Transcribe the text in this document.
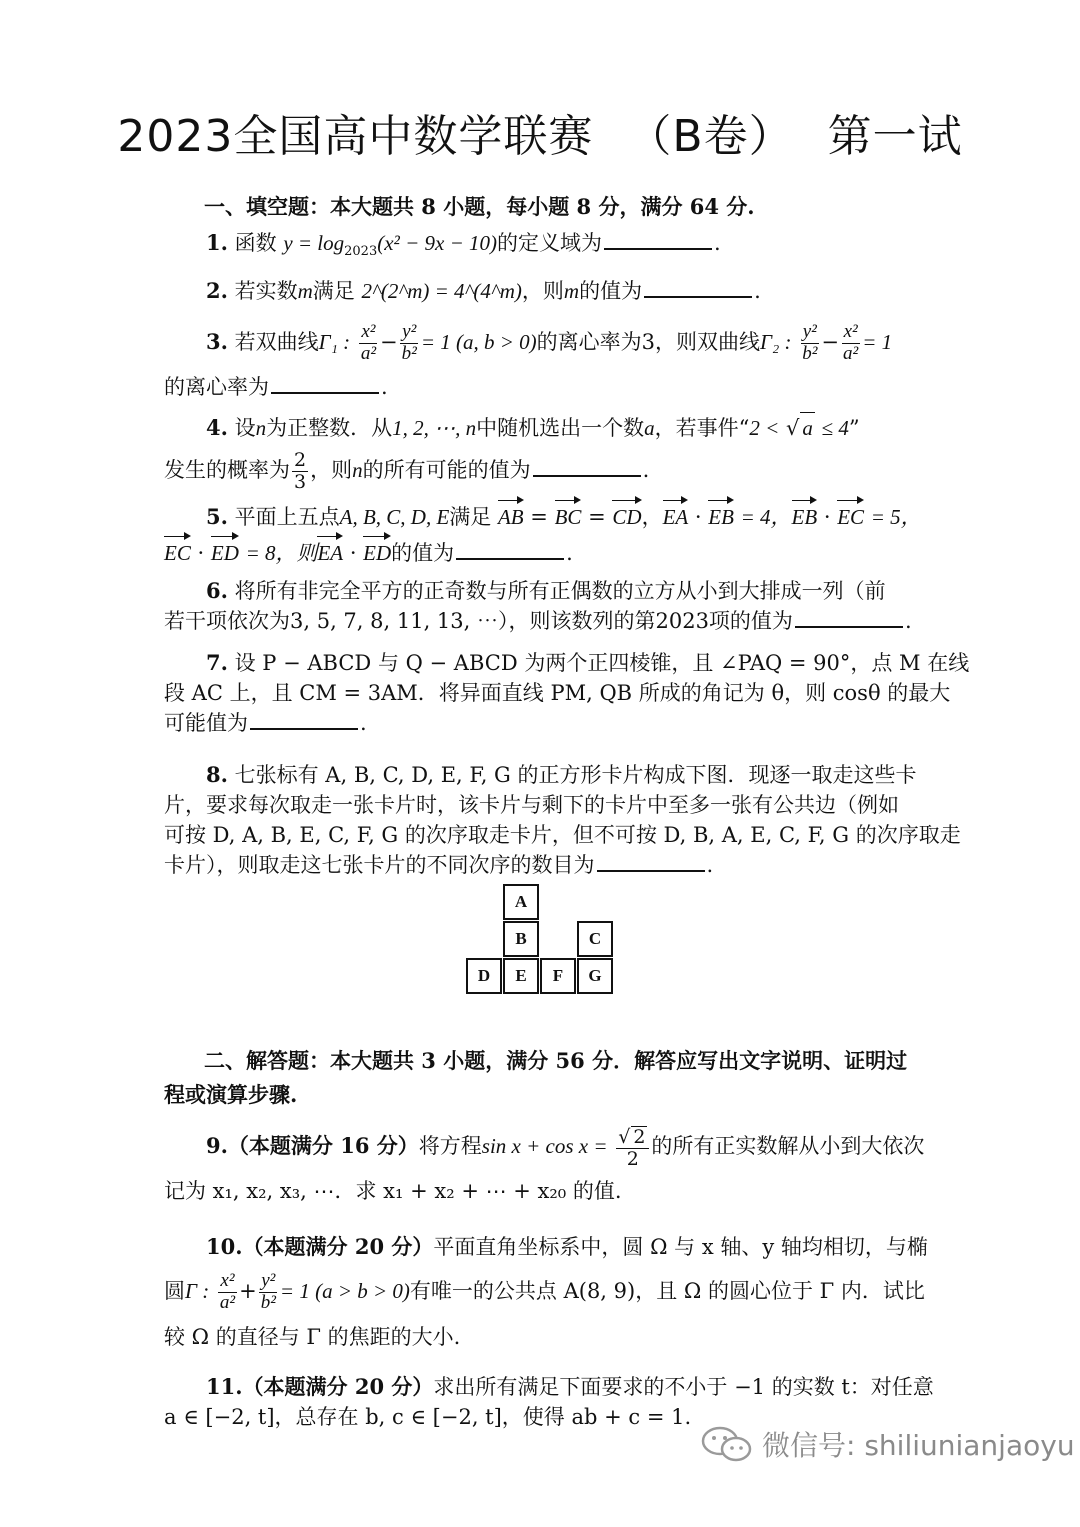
2023全国高中数学联赛 （B卷） 第一试
一、填空题：本大题共 8 小题，每小题 8 分，满分 64 分.
1. 函数 $y = \log_{2023}(x^2 - 9x - 10)$的定义域为	.
2. 若实数m满足 2^(2^m) = 4^(4^m)，则m的值为	.
3. 若双曲线Γ₁ : $\frac{\text{x²}}{\text{a²}} - \frac{\text{y²}}{\text{b²}} = 1$ (a, b > 0)的离心率为3，则双曲线Γ₂ : $\frac{\text{y²}}{\text{b²}} - \frac{\text{x²}}{\text{a²}} = 1$
的离心率为	.
4. 设n为正整数．从1, 2, ⋯, n中随机选出一个数a，若事件“2 < √ a ≤ 4”
发生的概率为 $\frac{2}{3}$ ，则n的所有可能的值为	.
5. 平面上五点A, B, C, D, E满足 AB = BC = CD，EA · EB = 4，EB · EC = 5，
EC · ED = 8，则EA · ED的值为	.
6. 将所有非完全平方的正奇数与所有正偶数的立方从小到大排成一列（前
若干项依次为3, 5, 7, 8, 11, 13, ⋯），则该数列的第2023项的值为	.
7. 设 P − ABCD 与 Q − ABCD 为两个正四棱锥，且 ∠PAQ = 90°，点 M 在线
段 AC 上，且 CM = 3AM．将异面直线 PM, QB 所成的角记为 θ，则 cosθ 的最大
可能值为	.
8. 七张标有 A, B, C, D, E, F, G 的正方形卡片构成下图．现逐一取走这些卡
片，要求每次取走一张卡片时，该卡片与剩下的卡片中至多一张有公共边（例如
可按 D, A, B, E, C, F, G 的次序取走卡片，但不可按 D, B, A, E, C, F, G 的次序取走
卡片），则取走这七张卡片的不同次序的数目为	.
A
B	C
D	E	F	G
二、解答题：本大题共 3 小题，满分 56 分．解答应写出文字说明、证明过
程或演算步骤.
9.（本题满分 16 分）将方程$\sin x + \cos x = \frac{√ 2}{2}$ 的所有正实数解从小到大依次
记为 x₁, x₂, x₃, ⋯．求 x₁ + x₂ + ⋯ + x₂₀ 的值.
10.（本题满分 20 分）平面直角坐标系中，圆 Ω 与 x 轴、y 轴均相切，与椭
圆Γ : $\frac{\text{x²}}{\text{a²}} + \frac{\text{y²}}{\text{b²}} = 1$ (a > b > 0)有唯一的公共点 A(8, 9)，且 Ω 的圆心位于 Γ 内．试比
较 Ω 的直径与 Γ 的焦距的大小.
11.（本题满分 20 分）求出所有满足下面要求的不小于 −1 的实数 t：对任意
a ∈ [−2, t]，总存在 b, c ∈ [−2, t]，使得 ab + c = 1.
微信号: shiliunianjaoyu
